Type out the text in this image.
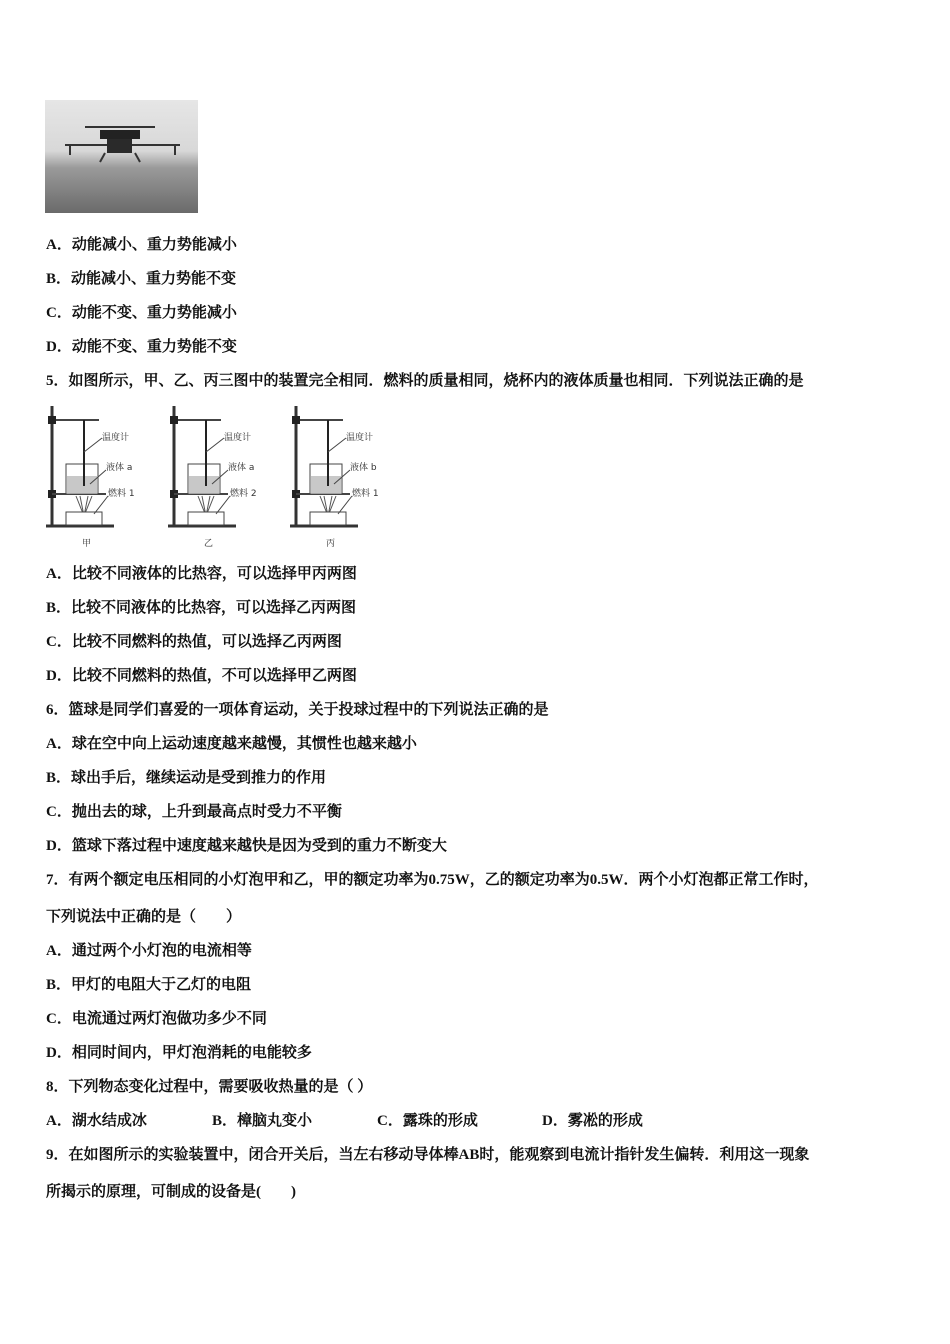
A．动能减小、重力势能减小
B．动能减小、重力势能不变
C．动能不变、重力势能减小
D．动能不变、重力势能不变
5．如图所示，甲、乙、丙三图中的装置完全相同．燃料的质量相同，烧杯内的液体质量也相同．下列说法正确的是
温度计
液体 a
燃料 1
甲
温度计
液体 a
燃料 2
乙
温度计
液体 b
燃料 1
丙
A．比较不同液体的比热容，可以选择甲丙两图
B．比较不同液体的比热容，可以选择乙丙两图
C．比较不同燃料的热值，可以选择乙丙两图
D．比较不同燃料的热值，不可以选择甲乙两图
6．篮球是同学们喜爱的一项体育运动，关于投球过程中的下列说法正确的是
A．球在空中向上运动速度越来越慢，其惯性也越来越小
B．球出手后，继续运动是受到推力的作用
C．抛出去的球，上升到最高点时受力不平衡
D．篮球下落过程中速度越来越快是因为受到的重力不断变大
7．有两个额定电压相同的小灯泡甲和乙，甲的额定功率为0.75W，乙的额定功率为0.5W．两个小灯泡都正常工作时，
下列说法中正确的是（　　）
A．通过两个小灯泡的电流相等
B．甲灯的电阻大于乙灯的电阻
C．电流通过两灯泡做功多少不同
D．相同时间内，甲灯泡消耗的电能较多
8．下列物态变化过程中，需要吸收热量的是（ ）
A．湖水结成冰	B．樟脑丸变小	C．露珠的形成	D．雾凇的形成
9．在如图所示的实验装置中，闭合开关后，当左右移动导体棒AB时，能观察到电流计指针发生偏转．利用这一现象
所揭示的原理，可制成的设备是(　　)
